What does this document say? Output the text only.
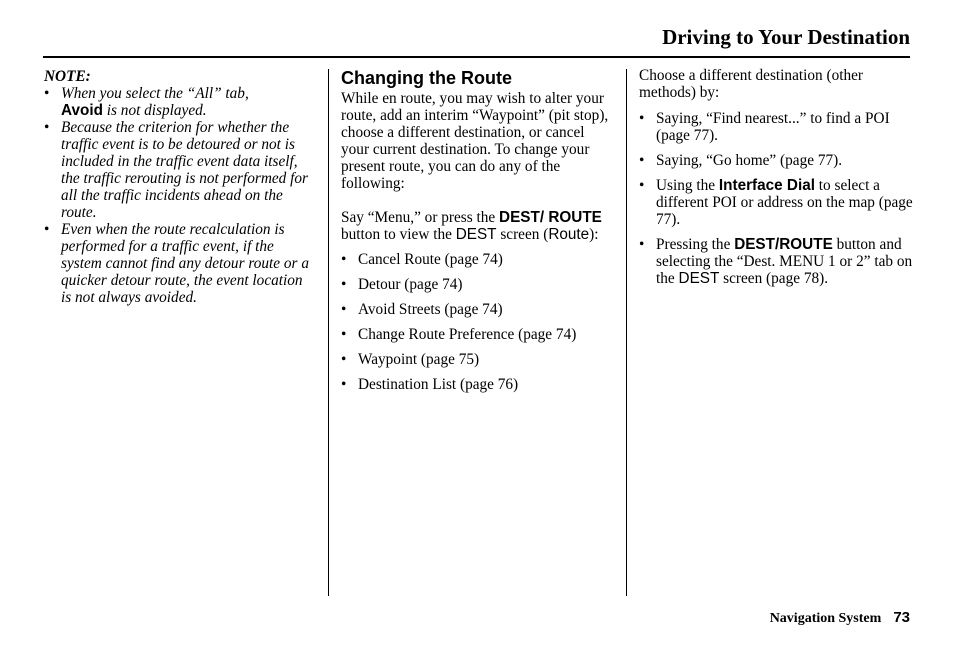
Driving to Your Destination
NOTE:
• When you select the “All” tab,
Avoid is not displayed.
• Because the criterion for whether the traffic event is to be detoured or not is included in the traffic event data itself, the traffic rerouting is not performed for all the traffic incidents ahead on the route.
• Even when the route recalculation is performed for a traffic event, if the system cannot find any detour route or a quicker detour route, the event location is not always avoided.
Changing the Route

While en route, you may wish to alter your route, add an interim “Waypoint” (pit stop), choose a different destination, or cancel your current destination. To change your present route, you can do any of the following:

Say “Menu,” or press the DEST/ ROUTE button to view the DEST screen (Route):

• Cancel Route (page 74)
• Detour (page 74)
• Avoid Streets (page 74)
• Change Route Preference (page 74)
• Waypoint (page 75)
• Destination List (page 76)

Choose a different destination (other methods) by:

• Saying, “Find nearest...” to find a POI (page 77).
• Saying, “Go home” (page 77).
• Using the Interface Dial to select a different POI or address on the map (page 77).
• Pressing the DEST/ROUTE button and selecting the “Dest. MENU 1 or 2” tab on the DEST screen (page 78).
Navigation System 73
